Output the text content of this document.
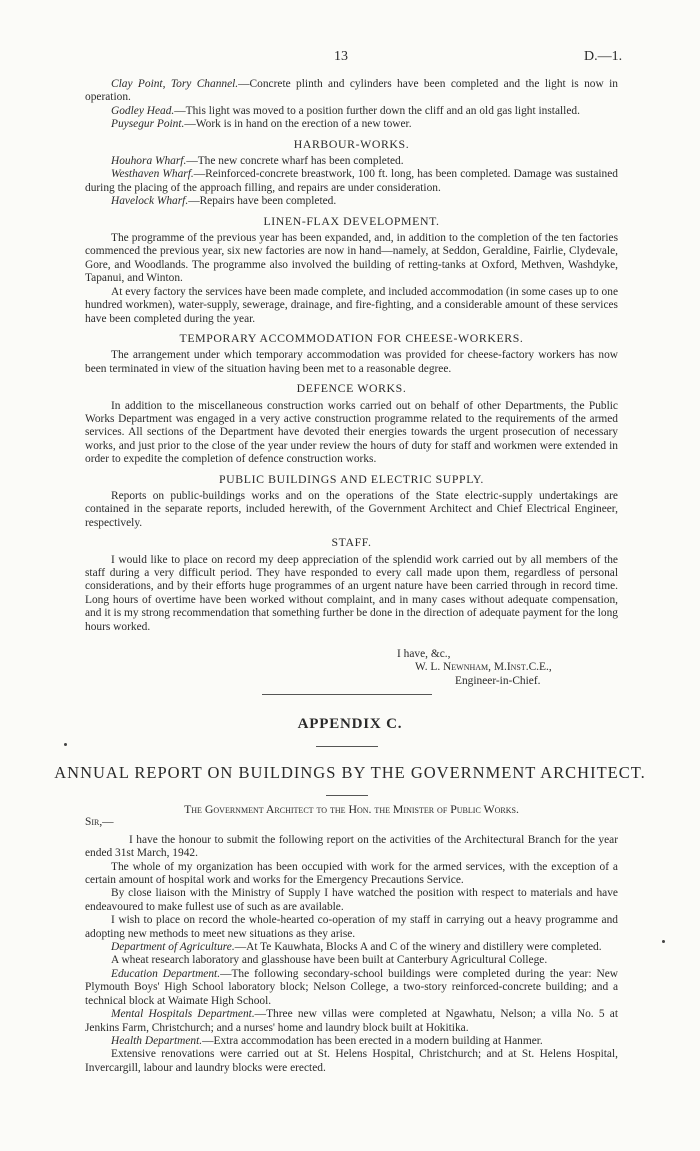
13	D.—1.

Clay Point, Tory Channel.—Concrete plinth and cylinders have been completed and the light is now in operation.

Godley Head.—This light was moved to a position further down the cliff and an old gas light installed.

Puysegur Point.—Work is in hand on the erection of a new tower.

HARBOUR-WORKS.

Houhora Wharf.—The new concrete wharf has been completed.

Westhaven Wharf.—Reinforced-concrete breastwork, 100 ft. long, has been completed. Damage was sustained during the placing of the approach filling, and repairs are under consideration.

Havelock Wharf.—Repairs have been completed.

LINEN-FLAX DEVELOPMENT.

The programme of the previous year has been expanded, and, in addition to the completion of the ten factories commenced the previous year, six new factories are now in hand—namely, at Seddon, Geraldine, Fairlie, Clydevale, Gore, and Woodlands. The programme also involved the building of retting-tanks at Oxford, Methven, Washdyke, Tapanui, and Winton.

At every factory the services have been made complete, and included accommodation (in some cases up to one hundred workmen), water-supply, sewerage, drainage, and fire-fighting, and a considerable amount of these services have been completed during the year.

TEMPORARY ACCOMMODATION FOR CHEESE-WORKERS.

The arrangement under which temporary accommodation was provided for cheese-factory workers has now been terminated in view of the situation having been met to a reasonable degree.

DEFENCE WORKS.

In addition to the miscellaneous construction works carried out on behalf of other Departments, the Public Works Department was engaged in a very active construction programme related to the requirements of the armed services. All sections of the Department have devoted their energies towards the urgent prosecution of necessary works, and just prior to the close of the year under review the hours of duty for staff and workmen were extended in order to expedite the completion of defence construction works.

PUBLIC BUILDINGS AND ELECTRIC SUPPLY.

Reports on public-buildings works and on the operations of the State electric-supply undertakings are contained in the separate reports, included herewith, of the Government Architect and Chief Electrical Engineer, respectively.

STAFF.

I would like to place on record my deep appreciation of the splendid work carried out by all members of the staff during a very difficult period. They have responded to every call made upon them, regardless of personal considerations, and by their efforts huge programmes of an urgent nature have been carried through in record time. Long hours of overtime have been worked without complaint, and in many cases without adequate compensation, and it is my strong recommendation that something further be done in the direction of adequate payment for the long hours worked.

I have, &c.,
W. L. Newnham, M.Inst.C.E.,
Engineer-in-Chief.
APPENDIX C.
ANNUAL REPORT ON BUILDINGS BY THE GOVERNMENT ARCHITECT.
The Government Architect to the Hon. the Minister of Public Works.

Sir,—

I have the honour to submit the following report on the activities of the Architectural Branch for the year ended 31st March, 1942.

The whole of my organization has been occupied with work for the armed services, with the exception of a certain amount of hospital work and works for the Emergency Precautions Service.

By close liaison with the Ministry of Supply I have watched the position with respect to materials and have endeavoured to make fullest use of such as are available.

I wish to place on record the whole-hearted co-operation of my staff in carrying out a heavy programme and adopting new methods to meet new situations as they arise.

Department of Agriculture.—At Te Kauwhata, Blocks A and C of the winery and distillery were completed.

A wheat research laboratory and glasshouse have been built at Canterbury Agricultural College.

Education Department.—The following secondary-school buildings were completed during the year: New Plymouth Boys' High School laboratory block; Nelson College, a two-story reinforced-concrete building; and a technical block at Waimate High School.

Mental Hospitals Department.—Three new villas were completed at Ngawhatu, Nelson; a villa No. 5 at Jenkins Farm, Christchurch; and a nurses' home and laundry block built at Hokitika.

Health Department.—Extra accommodation has been erected in a modern building at Hanmer.

Extensive renovations were carried out at St. Helens Hospital, Christchurch; and at St. Helens Hospital, Invercargill, labour and laundry blocks were erected.
